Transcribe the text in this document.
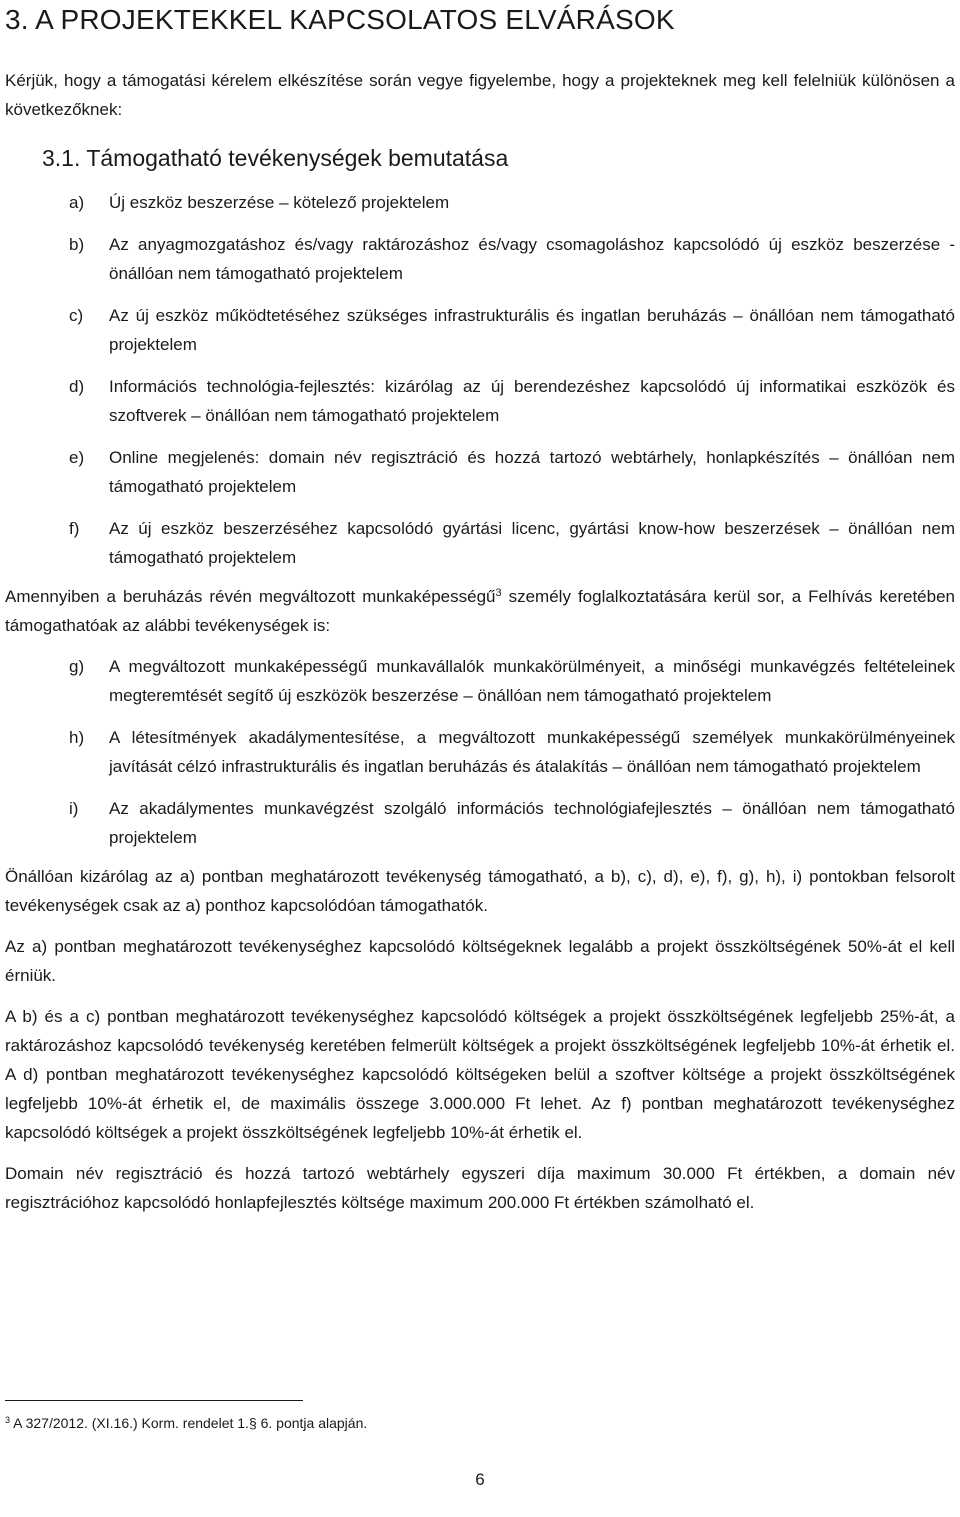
3. A PROJEKTEKKEL KAPCSOLATOS ELVÁRÁSOK

Kérjük, hogy a támogatási kérelem elkészítése során vegye figyelembe, hogy a projekteknek meg kell felelniük különösen a következőknek:

3.1. Támogatható tevékenységek bemutatása
a)	Új eszköz beszerzése – kötelező projektelem
b)	Az anyagmozgatáshoz és/vagy raktározáshoz és/vagy csomagoláshoz kapcsolódó új eszköz beszerzése - önállóan nem támogatható projektelem
c)	Az új eszköz működtetéséhez szükséges infrastrukturális és ingatlan beruházás – önállóan nem támogatható projektelem
d)	Információs technológia-fejlesztés: kizárólag az új berendezéshez kapcsolódó új informatikai eszközök és szoftverek – önállóan nem támogatható projektelem
e)	Online megjelenés: domain név regisztráció és hozzá tartozó webtárhely, honlapkészítés – önállóan nem támogatható projektelem
f)	Az új eszköz beszerzéséhez kapcsolódó gyártási licenc, gyártási know-how beszerzések – önállóan nem támogatható projektelem

Amennyiben a beruházás révén megváltozott munkaképességű$^3$ személy foglalkoztatására kerül sor, a Felhívás keretében támogathatóak az alábbi tevékenységek is:

g)	A megváltozott munkaképességű munkavállalók munkakörülményeit, a minőségi munkavégzés feltételeinek megteremtését segítő új eszközök beszerzése – önállóan nem támogatható projektelem
h)	A létesítmények akadálymentesítése, a megváltozott munkaképességű személyek munkakörülményeinek javítását célzó infrastrukturális és ingatlan beruházás és átalakítás – önállóan nem támogatható projektelem
i)	Az akadálymentes munkavégzést szolgáló információs technológiafejlesztés – önállóan nem támogatható projektelem

Önállóan kizárólag az a) pontban meghatározott tevékenység támogatható, a b), c), d), e), f), g), h), i) pontokban felsorolt tevékenységek csak az a) ponthoz kapcsolódóan támogathatók.

Az a) pontban meghatározott tevékenységhez kapcsolódó költségeknek legalább a projekt összköltségének 50%-át el kell érniük.

A b) és a c) pontban meghatározott tevékenységhez kapcsolódó költségek a projekt összköltségének legfeljebb 25%-át, a raktározáshoz kapcsolódó tevékenység keretében felmerült költségek a projekt összköltségének legfeljebb 10%-át érhetik el. A d) pontban meghatározott tevékenységhez kapcsolódó költségeken belül a szoftver költsége a projekt összköltségének legfeljebb 10%-át érhetik el, de maximális összege 3.000.000 Ft lehet. Az f) pontban meghatározott tevékenységhez kapcsolódó költségek a projekt összköltségének legfeljebb 10%-át érhetik el.

Domain név regisztráció és hozzá tartozó webtárhely egyszeri díja maximum 30.000 Ft értékben, a domain név regisztrációhoz kapcsolódó honlapfejlesztés költsége maximum 200.000 Ft értékben számolható el.

$^3$ A 327/2012. (XI.16.) Korm. rendelet 1.§ 6. pontja alapján.
6
